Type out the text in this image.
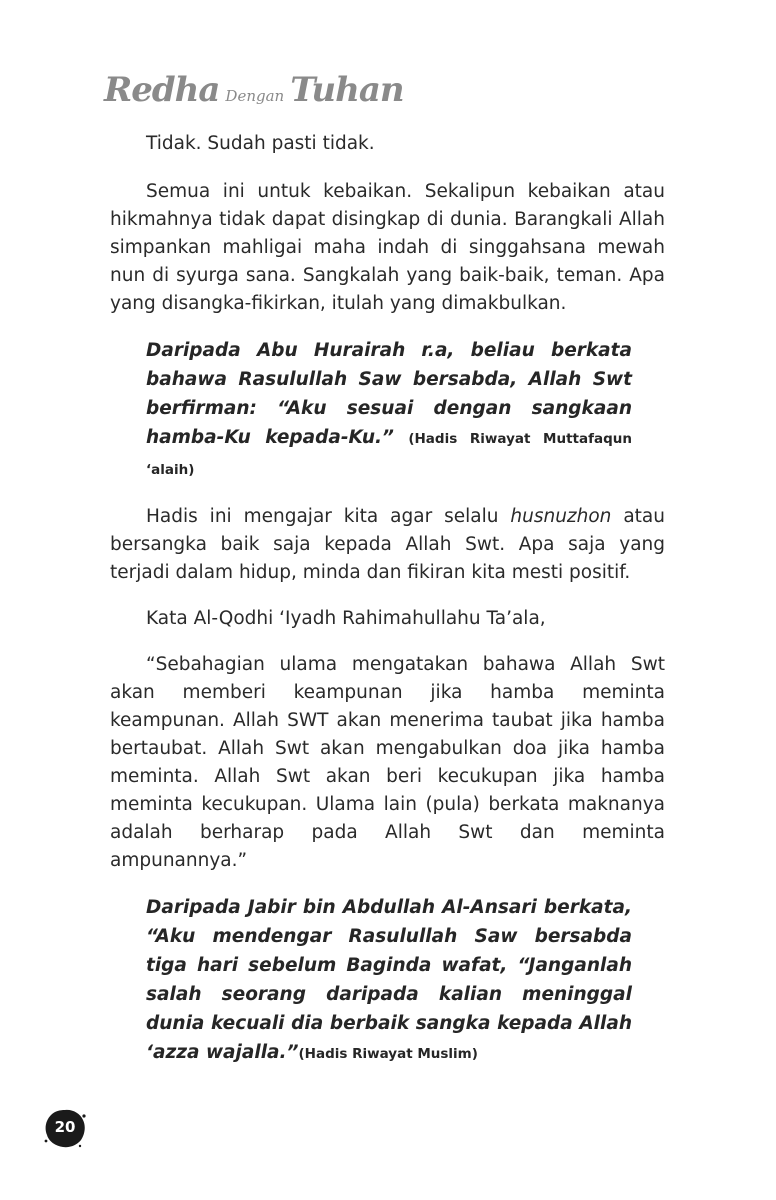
Redha Dengan Tuhan

Tidak. Sudah pasti tidak.

Semua ini untuk kebaikan. Sekalipun kebaikan atau hikmahnya tidak dapat disingkap di dunia. Barangkali Allah simpankan mahligai maha indah di singgahsana mewah nun di syurga sana. Sangkalah yang baik-baik, teman. Apa yang disangka-fikirkan, itulah yang dimakbulkan.

Daripada Abu Hurairah r.a, beliau berkata bahawa Rasulullah Saw bersabda, Allah Swt berfirman: “Aku sesuai dengan sangkaan hamba-Ku kepada-Ku.” (Hadis Riwayat Muttafaqun ‘alaih)

Hadis ini mengajar kita agar selalu husnuzhon atau bersangka baik saja kepada Allah Swt. Apa saja yang terjadi dalam hidup, minda dan fikiran kita mesti positif.

Kata Al-Qodhi ‘Iyadh Rahimahullahu Ta’ala,

“Sebahagian ulama mengatakan bahawa Allah Swt akan memberi keampunan jika hamba meminta keampunan. Allah SWT akan menerima taubat jika hamba bertaubat. Allah Swt akan mengabulkan doa jika hamba meminta. Allah Swt akan beri kecukupan jika hamba meminta kecukupan. Ulama lain (pula) berkata maknanya adalah berharap pada Allah Swt dan meminta ampunannya.”

Daripada Jabir bin Abdullah Al-Ansari berkata, “Aku mendengar Rasulullah Saw bersabda tiga hari sebelum Baginda wafat, “Janganlah salah seorang daripada kalian meninggal dunia kecuali dia berbaik sangka kepada Allah ‘azza wajalla.”(Hadis Riwayat Muslim)

20
